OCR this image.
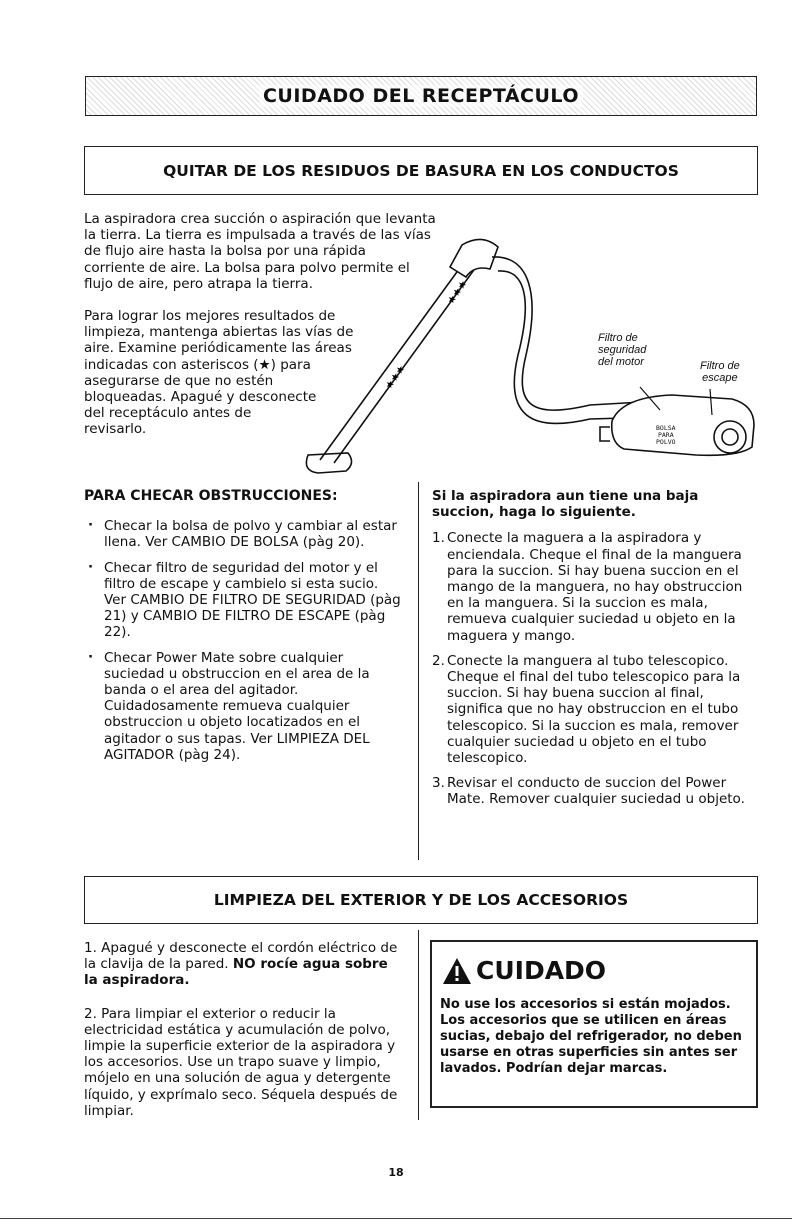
CUIDADO DEL RECEPTÁCULO
QUITAR DE LOS RESIDUOS DE BASURA EN LOS CONDUCTOS
La aspiradora crea succión o aspiración que levanta
la tierra. La tierra es impulsada a través de las vías
de flujo aire hasta la bolsa por una rápida
corriente de aire. La bolsa para polvo permite el
flujo de aire, pero atrapa la tierra.
Para lograr los mejores resultados de
limpieza, mantenga abiertas las vías de
aire. Examine periódicamente las áreas
indicadas con asteriscos (★) para
asegurarse de que no estén
bloqueadas. Apagué y desconecte
del receptáculo antes de
revisarlo.
★★★
★★★
Filtro de
seguridad
del motor	Filtro de
escape
BOLSA
PARA
POLVO
PARA CHECAR OBSTRUCCIONES:
· Checar la bolsa de polvo y cambiar al estar llena. Ver CAMBIO DE BOLSA (pàg 20).
· Checar filtro de seguridad del motor y el filtro de escape y cambielo si esta sucio. Ver CAMBIO DE FILTRO DE SEGURIDAD (pàg 21) y CAMBIO DE FILTRO DE ESCAPE (pàg 22).
· Checar Power Mate sobre cualquier suciedad u obstruccion en el area de la banda o el area del agitador. Cuidadosamente remueva cualquier obstruccion u objeto locatizados en el agitador o sus tapas. Ver LIMPIEZA DEL AGITADOR (pàg 24).
Si la aspiradora aun tiene una baja succion, haga lo siguiente.
1. Conecte la maguera a la aspiradora y enciendala. Cheque el final de la manguera para la succion. Si hay buena succion en el mango de la manguera, no hay obstruccion en la manguera. Si la succion es mala, remueva cualquier suciedad u objeto en la maguera y mango.
2. Conecte la manguera al tubo telescopico. Cheque el final del tubo telescopico para la succion. Si hay buena succion al final, significa que no hay obstruccion en el tubo telescopico. Si la succion es mala, remover cualquier suciedad u objeto en el tubo telescopico.
3. Revisar el conducto de succion del Power Mate. Remover cualquier suciedad u objeto.
LIMPIEZA DEL EXTERIOR Y DE LOS ACCESORIOS

1. Apagué y desconecte el cordón eléctrico de la clavija de la pared. NO rocíe agua sobre la aspiradora.

2. Para limpiar el exterior o reducir la electricidad estática y acumulación de polvo, limpie la superficie exterior de la aspiradora y los accesorios. Use un trapo suave y limpio, mójelo en una solución de agua y detergente líquido, y exprímalo seco. Séquela después de limpiar.

CUIDADO
No use los accesorios si están mojados. Los accesorios que se utilicen en áreas sucias, debajo del refrigerador, no deben usarse en otras superficies sin antes ser lavados. Podrían dejar marcas.
18
